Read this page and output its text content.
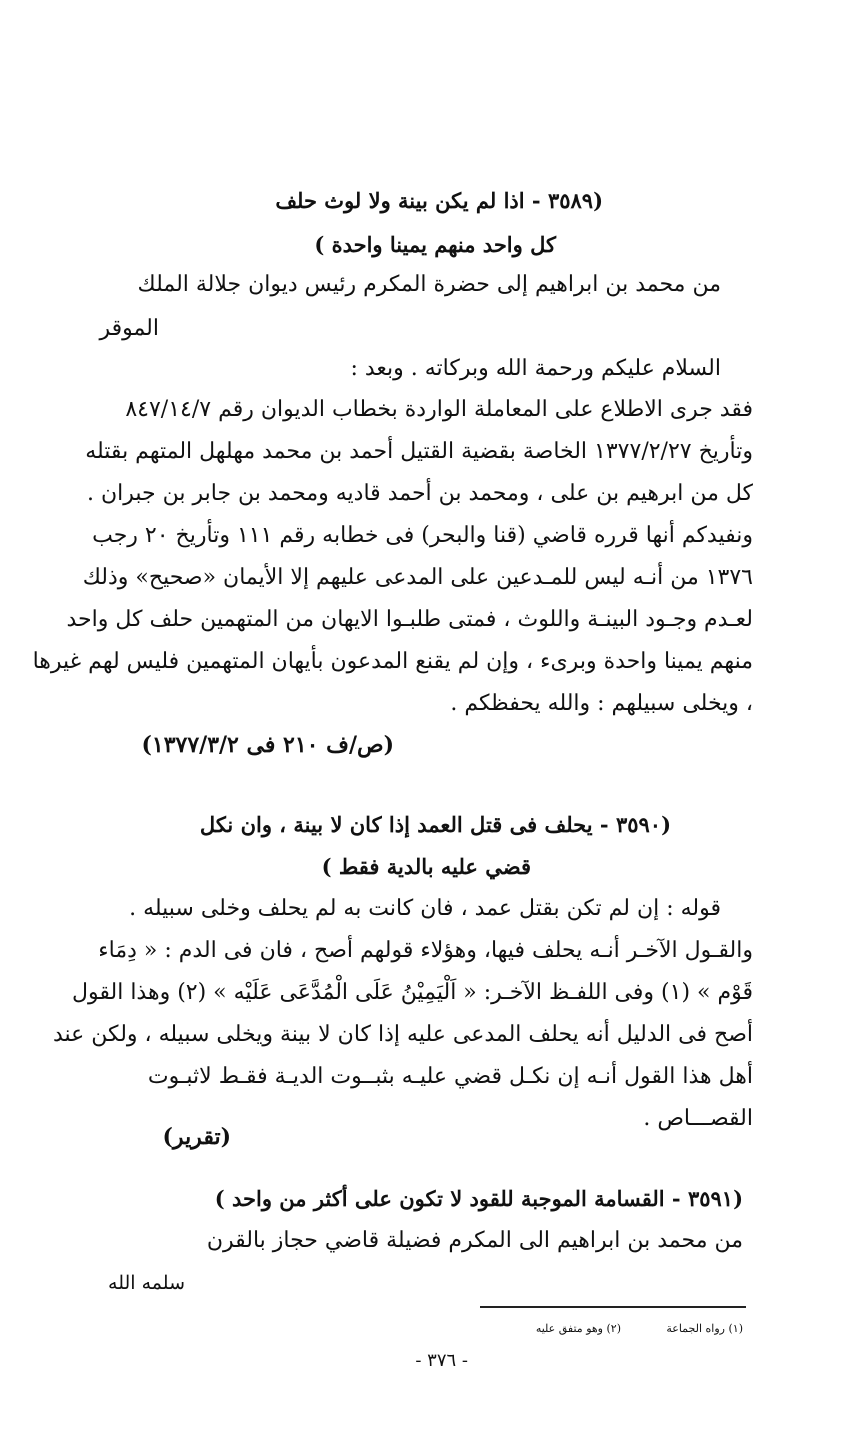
(٣٥٨٩ - اذا لم يكن بينة ولا لوث حلف
كل واحد منهم يمينا واحدة )
من محمد بن ابراهيم إلى حضرة المكرم رئيس ديوان جلالة الملك
الموقر
السلام عليكم ورحمة الله وبركاته . وبعد :
فقد جرى الاطلاع على المعاملة الواردة بخطاب الديوان رقم ٨٤٧/١٤/٧
وتأريخ ١٣٧٧/٢/٢٧ الخاصة بقضية القتيل أحمد بن محمد مهلهل المتهم بقتله
كل من ابرهيم بن على ، ومحمد بن أحمد قاديه ومحمد بن جابر بن جبران .
ونفيدكم أنها قرره قاضي (قنا والبحر) فى خطابه رقم ١١١ وتأريخ ٢٠ رجب
١٣٧٦ من أنـه ليس للمـدعين على المدعى عليهم إلا الأيمان «صحيح» وذلك
لعـدم وجـود البينـة واللوث ، فمتى طلبـوا الايهان من المتهمين حلف كل واحد
منهم يمينا واحدة وبرىء ، وإن لم يقنع المدعون بأيهان المتهمين فليس لهم غيرها
، ويخلى سبيلهم : والله يحفظكم .
(ص/ف ٢١٠ فى ١٣٧٧/٣/٢)
(٣٥٩٠ - يحلف فى قتل العمد إذا كان لا بينة ، وان نكل
قضي عليه بالدية فقط )
قوله : إن لم تكن بقتل عمد ، فان كانت به لم يحلف وخلى سبيله .
والقـول الآخـر أنـه يحلف فيها، وهؤلاء قولهم أصح ، فان فى الدم : « دِمَاء
قَوْم » (١) وفى اللفـظ الآخـر: « اَلْيَمِيْنُ عَلَى الْمُدَّعَى عَلَيْه » (٢) وهذا القول
أصح فى الدليل أنه يحلف المدعى عليه إذا كان لا بينة ويخلى سبيله ، ولكن عند
أهل هذا القول أنـه إن نكـل قضي عليـه بثبــوت الديـة فقـط لاثبـوت
القصـــاص .
(تقرير)
(٣٥٩١ - القسامة الموجبة للقود لا تكون على أكثر من واحد )
من محمد بن ابراهيم الى المكرم فضيلة قاضي حجاز بالقرن
سلمه الله
(١) رواه الجماعة
(٢) وهو متفق عليه
- ٣٧٦ -
